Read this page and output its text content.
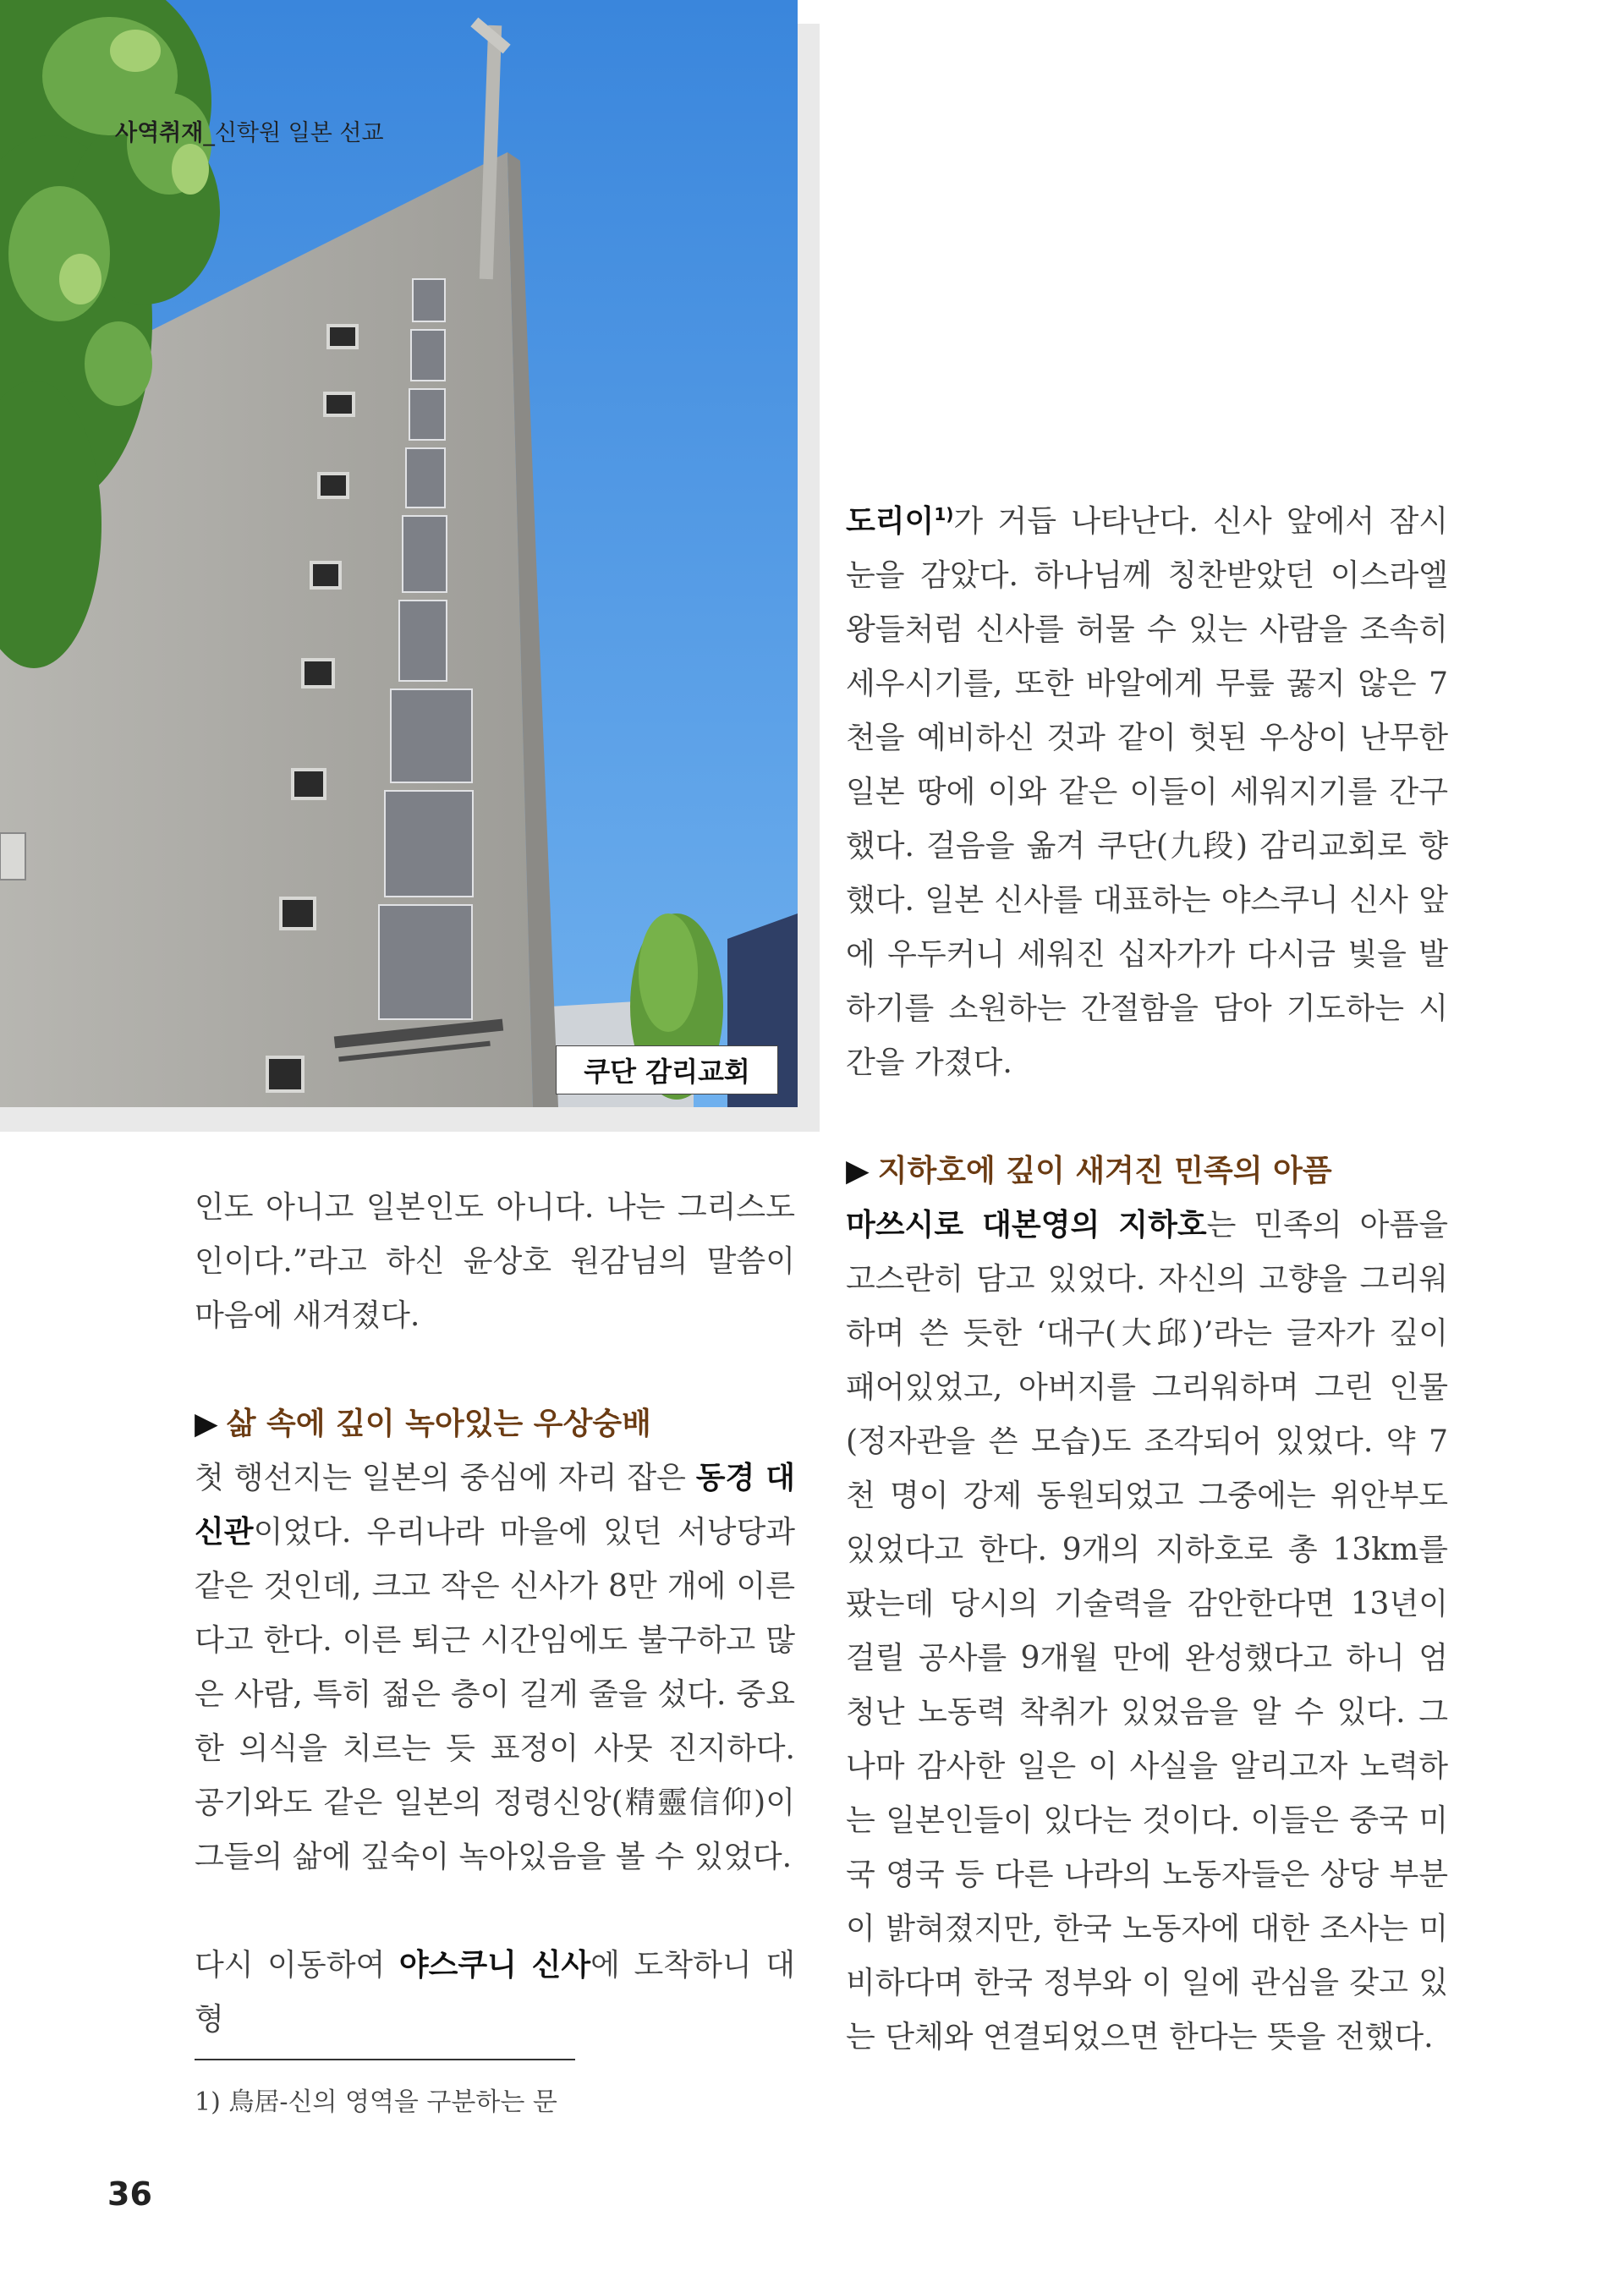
사역취재_신학원 일본 선교
쿠단 감리교회

인도 아니고 일본인도 아니다. 나는 그리스도인이다.”라고 하신 윤상호 원감님의 말씀이 마음에 새겨졌다.

▶ 삶 속에 깊이 녹아있는 우상숭배

첫 행선지는 일본의 중심에 자리 잡은 동경 대신관이었다. 우리나라 마을에 있던 서낭당과 같은 것인데, 크고 작은 신사가 8만 개에 이른다고 한다. 이른 퇴근 시간임에도 불구하고 많은 사람, 특히 젊은 층이 길게 줄을 섰다. 중요한 의식을 치르는 듯 표정이 사뭇 진지하다. 공기와도 같은 일본의 정령신앙(精靈信仰)이 그들의 삶에 깊숙이 녹아있음을 볼 수 있었다.

다시 이동하여 야스쿠니 신사에 도착하니 대형

도리이$^{1)}$가 거듭 나타난다. 신사 앞에서 잠시 눈을 감았다. 하나님께 칭찬받았던 이스라엘 왕들처럼 신사를 허물 수 있는 사람을 조속히 세우시기를, 또한 바알에게 무릎 꿇지 않은 7천을 예비하신 것과 같이 헛된 우상이 난무한 일본 땅에 이와 같은 이들이 세워지기를 간구했다. 걸음을 옮겨 쿠단(九段) 감리교회로 향했다. 일본 신사를 대표하는 야스쿠니 신사 앞에 우두커니 세워진 십자가가 다시금 빛을 발하기를 소원하는 간절함을 담아 기도하는 시간을 가졌다.

▶ 지하호에 깊이 새겨진 민족의 아픔

마쓰시로 대본영의 지하호는 민족의 아픔을 고스란히 담고 있었다. 자신의 고향을 그리워하며 쓴 듯한 ‘대구(大邱)’라는 글자가 깊이 패어있었고, 아버지를 그리워하며 그린 인물(정자관을 쓴 모습)도 조각되어 있었다. 약 7천 명이 강제 동원되었고 그중에는 위안부도 있었다고 한다. 9개의 지하호로 총 13km를 팠는데 당시의 기술력을 감안한다면 13년이 걸릴 공사를 9개월 만에 완성했다고 하니 엄청난 노동력 착취가 있었음을 알 수 있다. 그나마 감사한 일은 이 사실을 알리고자 노력하는 일본인들이 있다는 것이다. 이들은 중국 미국 영국 등 다른 나라의 노동자들은 상당 부분이 밝혀졌지만, 한국 노동자에 대한 조사는 미비하다며 한국 정부와 이 일에 관심을 갖고 있는 단체와 연결되었으면 한다는 뜻을 전했다.

1) 鳥居-신의 영역을 구분하는 문
36
